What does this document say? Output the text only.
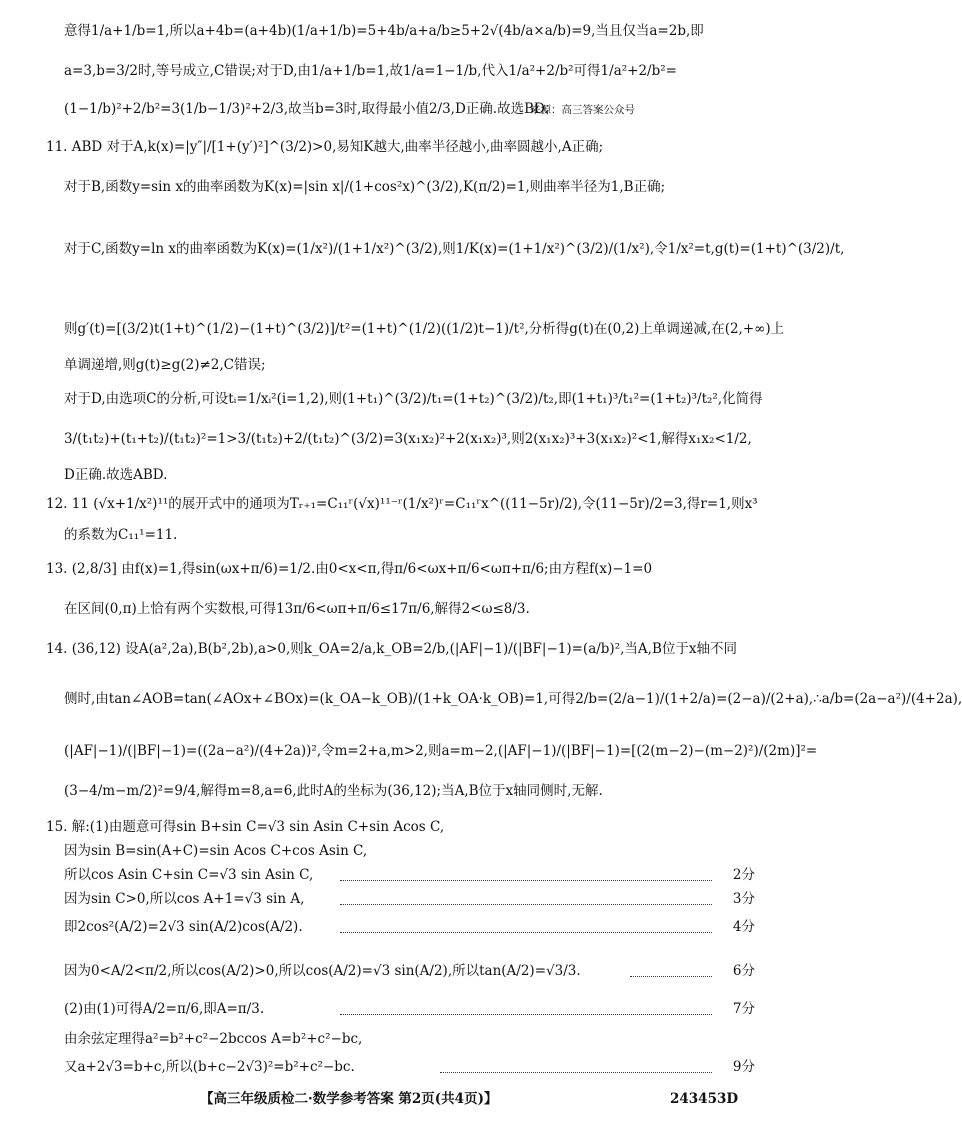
意得1/a+1/b=1,所以a+4b=(a+4b)(1/a+1/b)=5+4b/a+a/b≥5+2√(4b/a×a/b)=9,当且仅当a=2b,即
a=3,b=3/2时,等号成立,C错误;对于D,由1/a+1/b=1,故1/a=1−1/b,代入1/a²+2/b²可得1/a²+2/b²=
(1−1/b)²+2/b²=3(1/b−1/3)²+2/3,故当b=3时,取得最小值2/3,D正确.故选BD.
来源：高三答案公众号
11. ABD 对于A,k(x)=|y″|/[1+(y′)²]^(3/2)>0,易知K越大,曲率半径越小,曲率圆越小,A正确;
对于B,函数y=sin x的曲率函数为K(x)=|sin x|/(1+cos²x)^(3/2),K(π/2)=1,则曲率半径为1,B正确;
对于C,函数y=ln x的曲率函数为K(x)=(1/x²)/(1+1/x²)^(3/2),则1/K(x)=(1+1/x²)^(3/2)/(1/x²),令1/x²=t,g(t)=(1+t)^(3/2)/t,
则g′(t)=[(3/2)t(1+t)^(1/2)−(1+t)^(3/2)]/t²=(1+t)^(1/2)((1/2)t−1)/t²,分析得g(t)在(0,2)上单调递减,在(2,+∞)上
单调递增,则g(t)≥g(2)≠2,C错误;
对于D,由选项C的分析,可设tᵢ=1/xᵢ²(i=1,2),则(1+t₁)^(3/2)/t₁=(1+t₂)^(3/2)/t₂,即(1+t₁)³/t₁²=(1+t₂)³/t₂²,化简得
3/(t₁t₂)+(t₁+t₂)/(t₁t₂)²=1>3/(t₁t₂)+2/(t₁t₂)^(3/2)=3(x₁x₂)²+2(x₁x₂)³,则2(x₁x₂)³+3(x₁x₂)²<1,解得x₁x₂<1/2,
D正确.故选ABD.
12. 11 (√x+1/x²)¹¹的展开式中的通项为Tᵣ₊₁=C₁₁ʳ(√x)¹¹⁻ʳ(1/x²)ʳ=C₁₁ʳx^((11−5r)/2),令(11−5r)/2=3,得r=1,则x³
的系数为C₁₁¹=11.
13. (2,8/3] 由f(x)=1,得sin(ωx+π/6)=1/2.由0<x<π,得π/6<ωx+π/6<ωπ+π/6;由方程f(x)−1=0
在区间(0,π)上恰有两个实数根,可得13π/6<ωπ+π/6≤17π/6,解得2<ω≤8/3.
14. (36,12) 设A(a²,2a),B(b²,2b),a>0,则k_OA=2/a,k_OB=2/b,(|AF|−1)/(|BF|−1)=(a/b)²,当A,B位于x轴不同
侧时,由tan∠AOB=tan(∠AOx+∠BOx)=(k_OA−k_OB)/(1+k_OA·k_OB)=1,可得2/b=(2/a−1)/(1+2/a)=(2−a)/(2+a),∴a/b=(2a−a²)/(4+2a),
(|AF|−1)/(|BF|−1)=((2a−a²)/(4+2a))²,令m=2+a,m>2,则a=m−2,(|AF|−1)/(|BF|−1)=[(2(m−2)−(m−2)²)/(2m)]²=
(3−4/m−m/2)²=9/4,解得m=8,a=6,此时A的坐标为(36,12);当A,B位于x轴同侧时,无解.
15. 解:(1)由题意可得sin B+sin C=√3 sin Asin C+sin Acos C,
因为sin B=sin(A+C)=sin Acos C+cos Asin C,
所以cos Asin C+sin C=√3 sin Asin C,	2分
因为sin C>0,所以cos A+1=√3 sin A,	3分
即2cos²(A/2)=2√3 sin(A/2)cos(A/2).	4分
因为0<A/2<π/2,所以cos(A/2)>0,所以cos(A/2)=√3 sin(A/2),所以tan(A/2)=√3/3.	6分
(2)由(1)可得A/2=π/6,即A=π/3.	7分
由余弦定理得a²=b²+c²−2bccos A=b²+c²−bc,
又a+2√3=b+c,所以(b+c−2√3)²=b²+c²−bc.	9分
【高三年级质检二·数学参考答案 第2页(共4页)】	243453D
